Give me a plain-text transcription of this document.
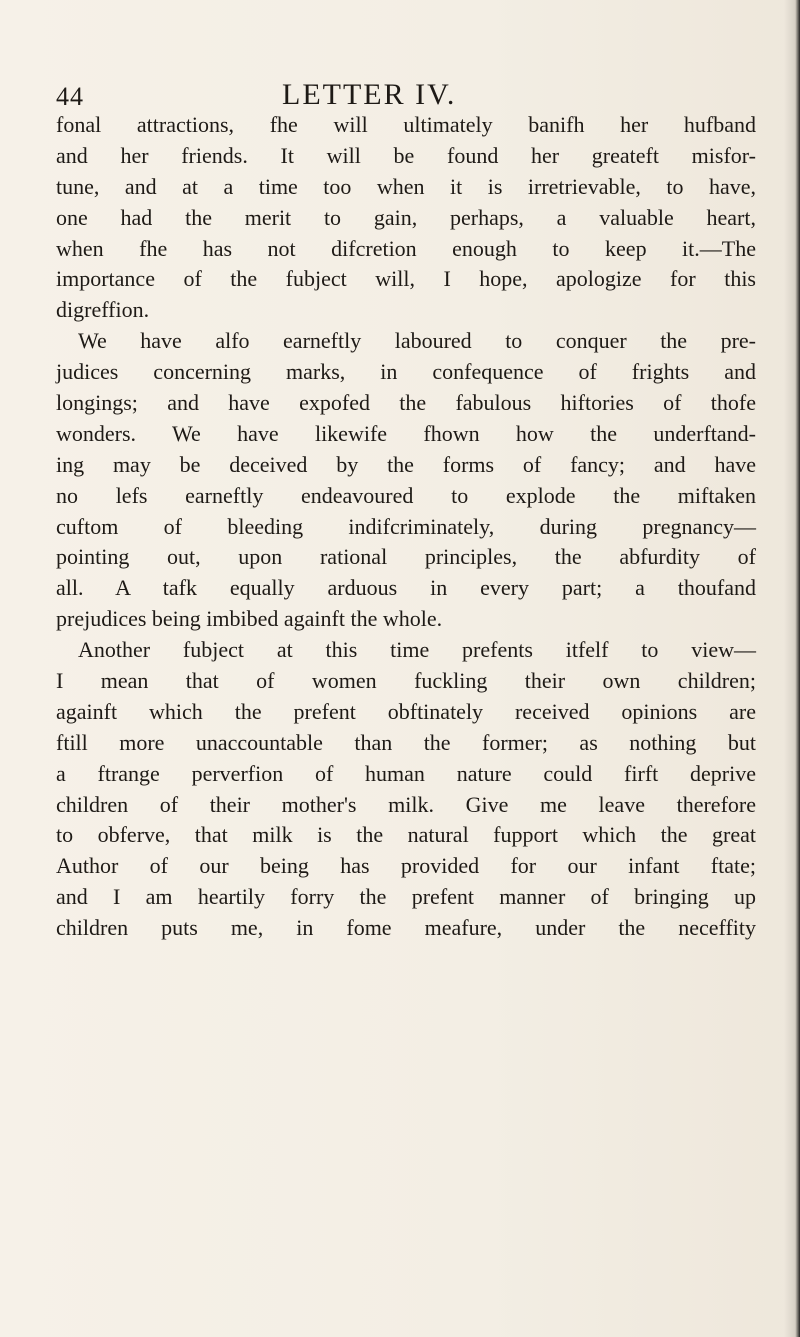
44	LETTER IV.
fonal attractions, fhe will ultimately banifh her hufband
and her friends. It will be found her greateft misfor-
tune, and at a time too when it is irretrievable, to have,
one had the merit to gain, perhaps, a valuable heart,
when fhe has not difcretion enough to keep it.—The
importance of the fubject will, I hope, apologize for this
digreffion.
We have alfo earneftly laboured to conquer the pre-
judices concerning marks, in confequence of frights and
longings; and have expofed the fabulous hiftories of thofe
wonders. We have likewife fhown how the underftand-
ing may be deceived by the forms of fancy; and have
no lefs earneftly endeavoured to explode the miftaken
cuftom of bleeding indifcriminately, during pregnancy—
pointing out, upon rational principles, the abfurdity of
all. A tafk equally arduous in every part; a thoufand
prejudices being imbibed againft the whole.
Another fubject at this time prefents itfelf to view—
I mean that of women fuckling their own children;
againft which the prefent obftinately received opinions are
ftill more unaccountable than the former; as nothing but
a ftrange perverfion of human nature could firft deprive
children of their mother's milk. Give me leave therefore
to obferve, that milk is the natural fupport which the great
Author of our being has provided for our infant ftate;
and I am heartily forry the prefent manner of bringing up
children puts me, in fome meafure, under the neceffity
